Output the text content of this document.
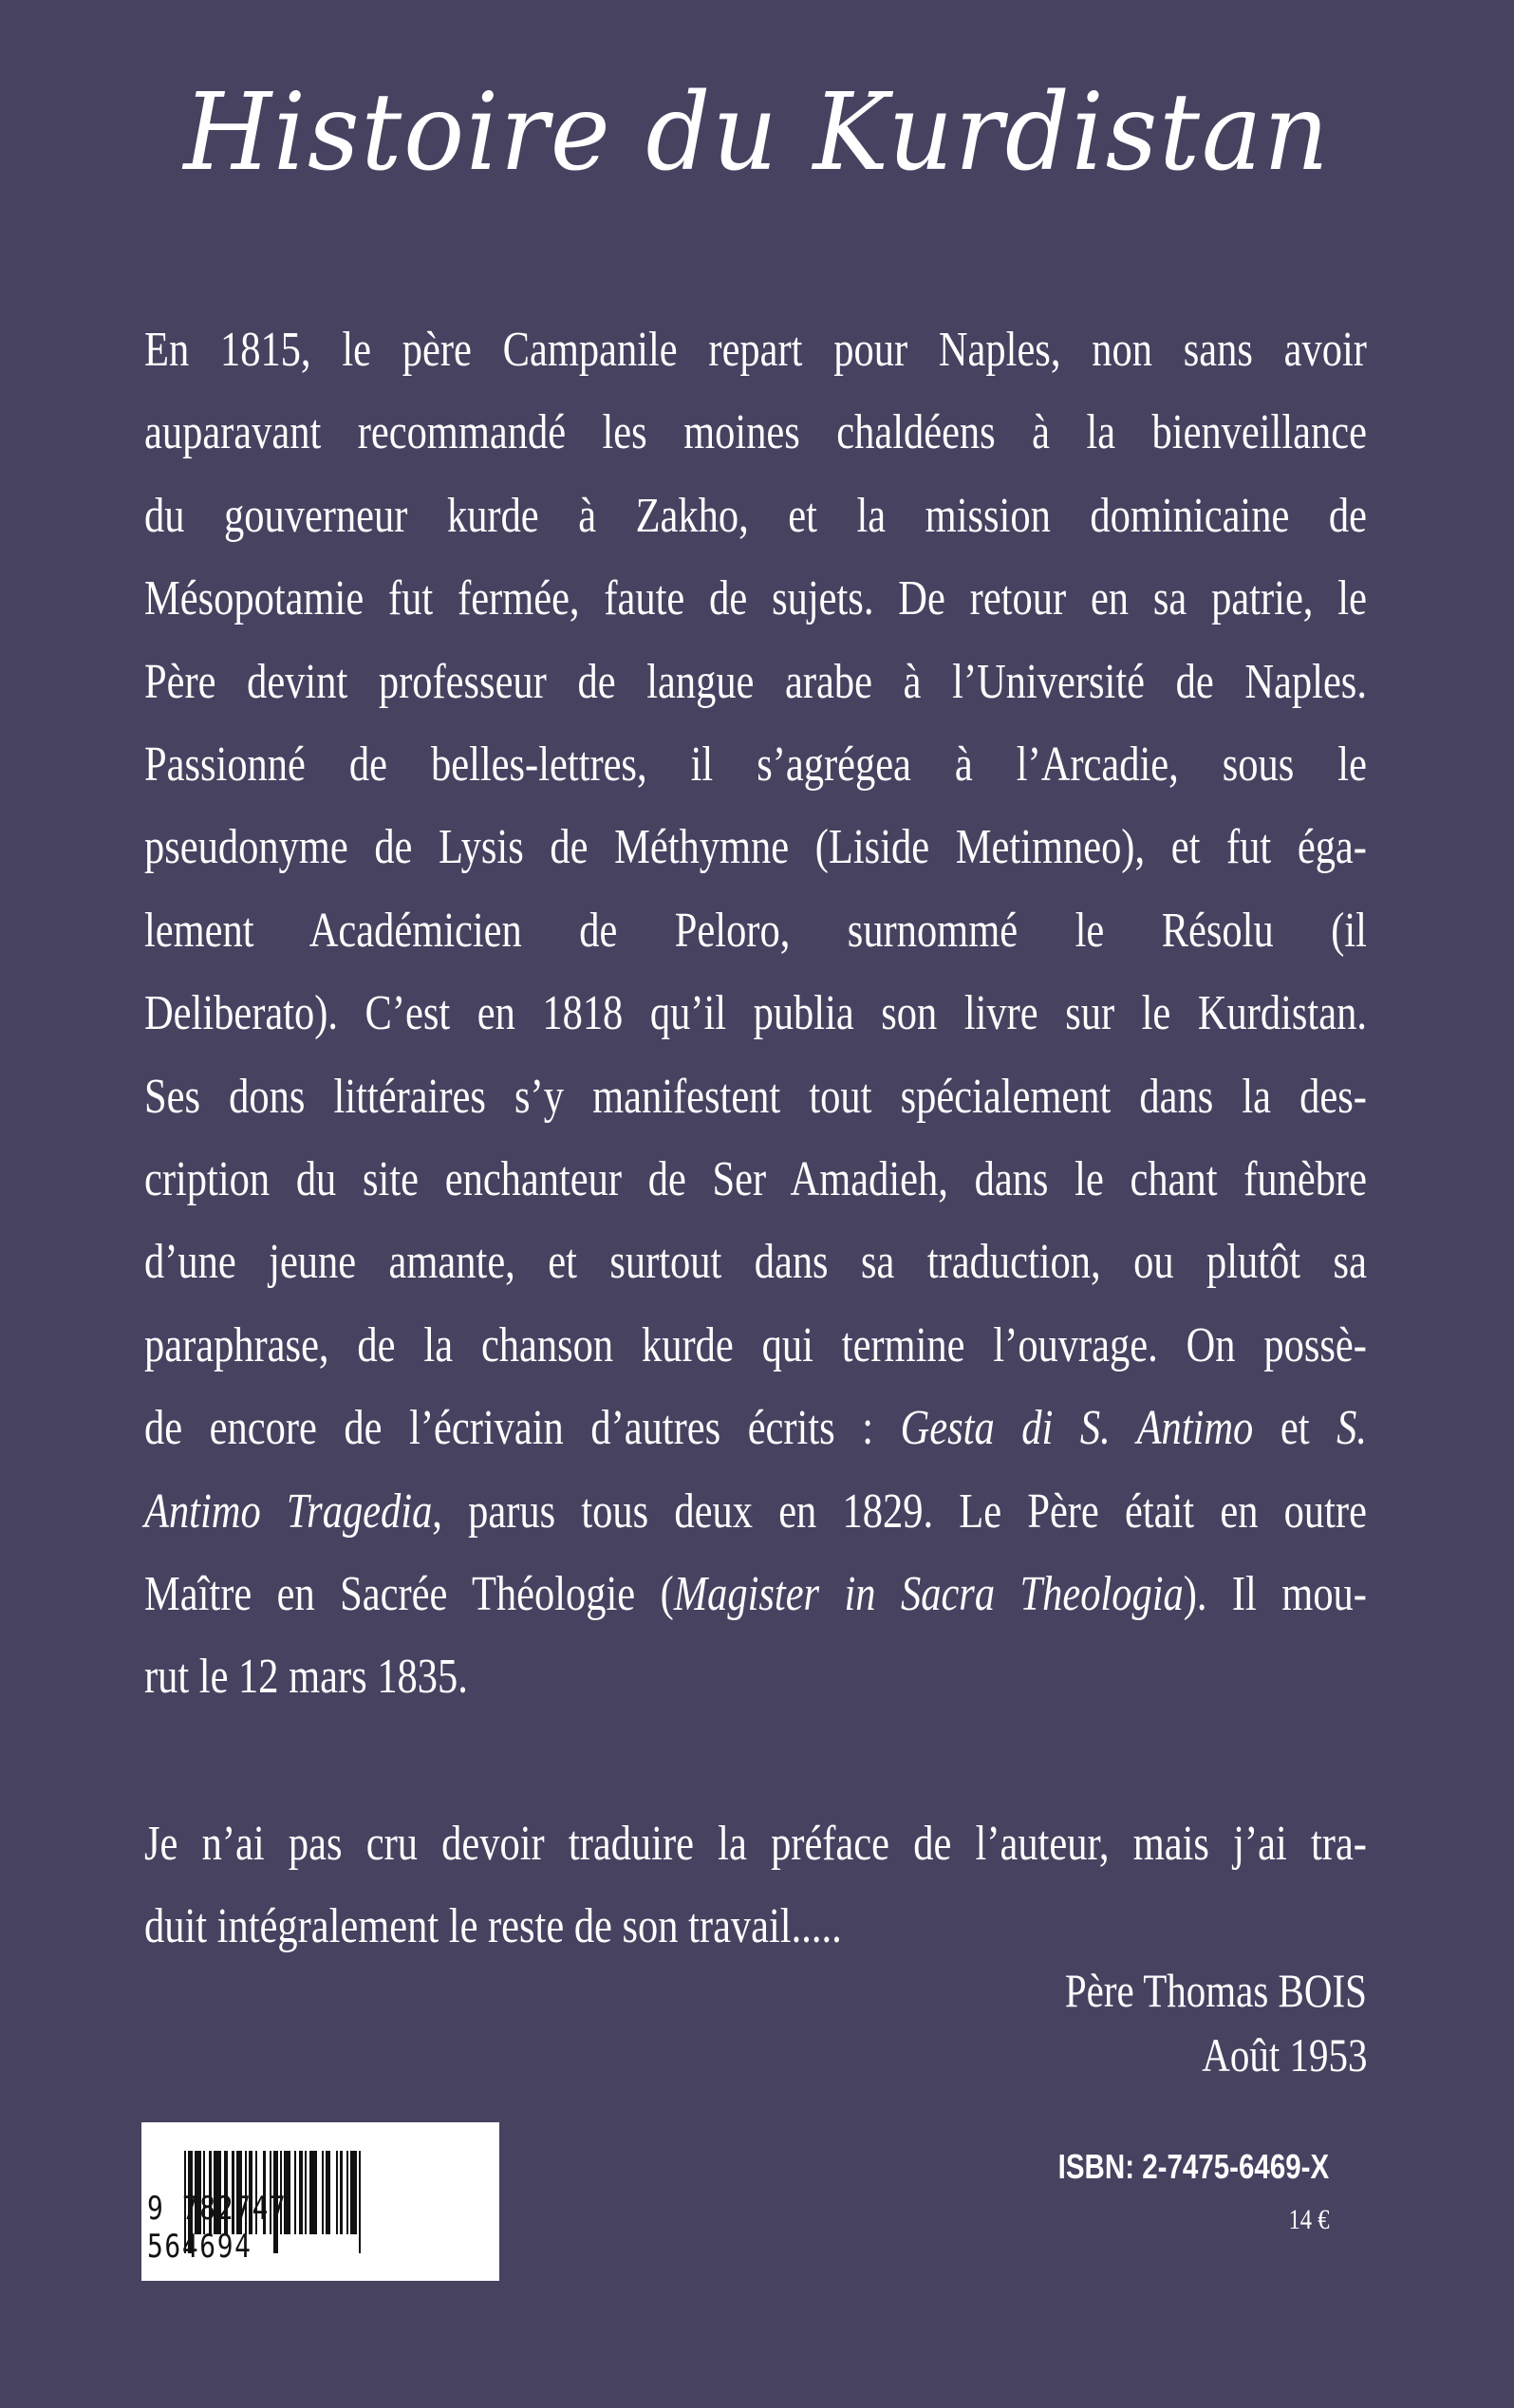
Histoire du Kurdistan
En 1815, le père Campanile repart pour Naples, non sans avoir
auparavant recommandé les moines chaldéens à la bienveillance
du gouverneur kurde à Zakho, et la mission dominicaine de
Mésopotamie fut fermée, faute de sujets. De retour en sa patrie, le
Père devint professeur de langue arabe à l’Université de Naples.
Passionné de belles-lettres, il s’agrégea à l’Arcadie, sous le
pseudonyme de Lysis de Méthymne (Liside Metimneo), et fut éga-
lement Académicien de Peloro, surnommé le Résolu (il
Deliberato). C’est en 1818 qu’il publia son livre sur le Kurdistan.
Ses dons littéraires s’y manifestent tout spécialement dans la des-
cription du site enchanteur de Ser Amadieh, dans le chant funèbre
d’une jeune amante, et surtout dans sa traduction, ou plutôt sa
paraphrase, de la chanson kurde qui termine l’ouvrage. On possè-
de encore de l’écrivain d’autres écrits : Gesta di S. Antimo et S.
Antimo Tragedia, parus tous deux en 1829. Le Père était en outre
Maître en Sacrée Théologie (Magister in Sacra Theologia). Il mou-
rut le 12 mars 1835.
Je n’ai pas cru devoir traduire la préface de l’auteur, mais j’ai tra-
duit intégralement le reste de son travail.....
Père Thomas BOIS
Août 1953
9 782747 564694
ISBN: 2-7475-6469-X
14 €
